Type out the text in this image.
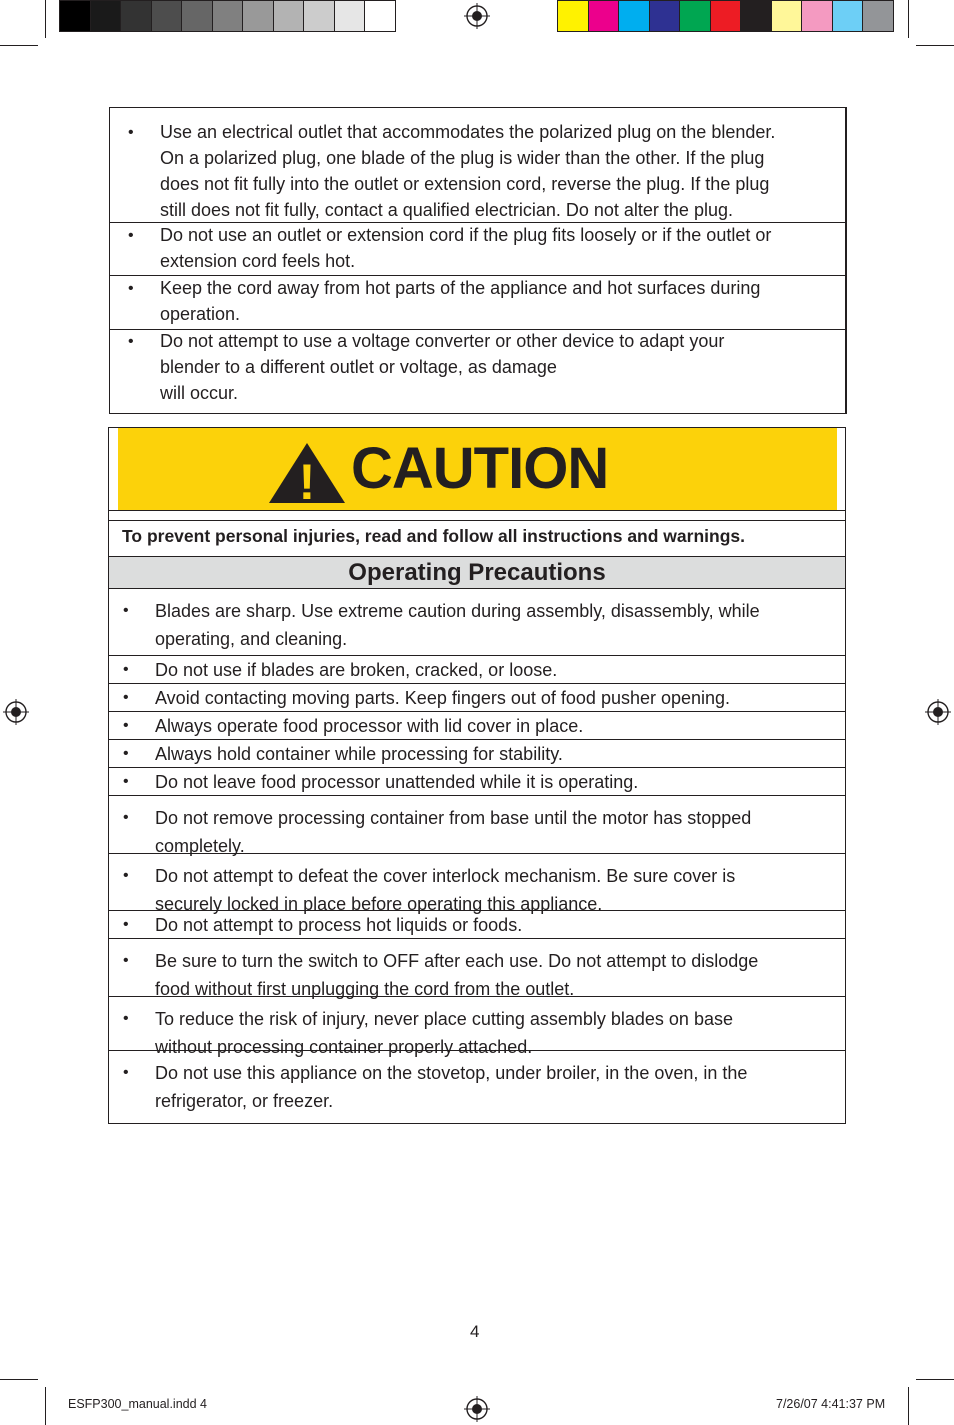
• Use an electrical outlet that accommodates the polarized plug on the blender.
On a polarized plug, one blade of the plug is wider than the other. If the plug
does not fit fully into the outlet or extension cord, reverse the plug. If the plug
still does not fit fully, contact a qualified electrician. Do not alter the plug.
• Do not use an outlet or extension cord if the plug fits loosely or if the outlet or
extension cord feels hot.
• Keep the cord away from hot parts of the appliance and hot surfaces during
operation.
• Do not attempt to use a voltage converter or other device to adapt your
blender to a different outlet or voltage, as damage
will occur.
! CAUTION
To prevent personal injuries, read and follow all instructions and warnings.
Operating Precautions
• Blades are sharp. Use extreme caution during assembly, disassembly, while
operating, and cleaning.
• Do not use if blades are broken, cracked, or loose.
• Avoid contacting moving parts. Keep fingers out of food pusher opening.
• Always operate food processor with lid cover in place.
• Always hold container while processing for stability.
• Do not leave food processor unattended while it is operating.
• Do not remove processing container from base until the motor has stopped
completely.
• Do not attempt to defeat the cover interlock mechanism. Be sure cover is
securely locked in place before operating this appliance.
• Do not attempt to process hot liquids or foods.
• Be sure to turn the switch to OFF after each use. Do not attempt to dislodge
food without first unplugging the cord from the outlet.
• To reduce the risk of injury, never place cutting assembly blades on base
without processing container properly attached.
• Do not use this appliance on the stovetop, under broiler, in the oven, in the
refrigerator, or freezer.
4
ESFP300_manual.indd 4	7/26/07 4:41:37 PM
